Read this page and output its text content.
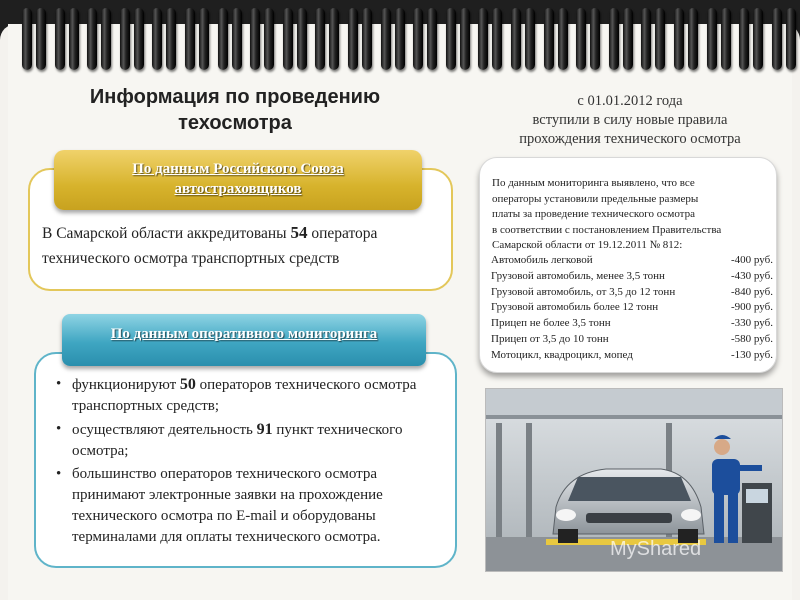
Информация по проведению
техосмотра
с 01.01.2012 года
вступили в силу новые правила
прохождения технического осмотра
По данным Российского Союза
автостраховщиков
В Самарской области аккредитованы 54 оператора технического осмотра транспортных средств
По данным оперативного мониторинга
• функционируют 50 операторов технического осмотра транспортных средств;
• осуществляют деятельность 91 пункт технического осмотра;
• большинство операторов технического осмотра принимают электронные заявки на прохождение технического осмотра по E-mail и оборудованы терминалами для оплаты технического осмотра.
По данным мониторинга выявлено, что все
операторы установили предельные размеры
платы за проведение технического осмотра
в соответствии с постановлением Правительства
Самарской области от 19.12.2011 № 812:
Автомобиль легковой	-400 руб.
Грузовой автомобиль, менее 3,5 тонн	-430 руб.
Грузовой автомобиль, от 3,5 до 12 тонн	-840 руб.
Грузовой автомобиль более 12 тонн	-900 руб.
Прицеп не более 3,5 тонн	-330 руб.
Прицеп от 3,5 до 10 тонн	-580 руб.
Мотоцикл, квадроцикл, мопед	-130 руб.
MyShared
